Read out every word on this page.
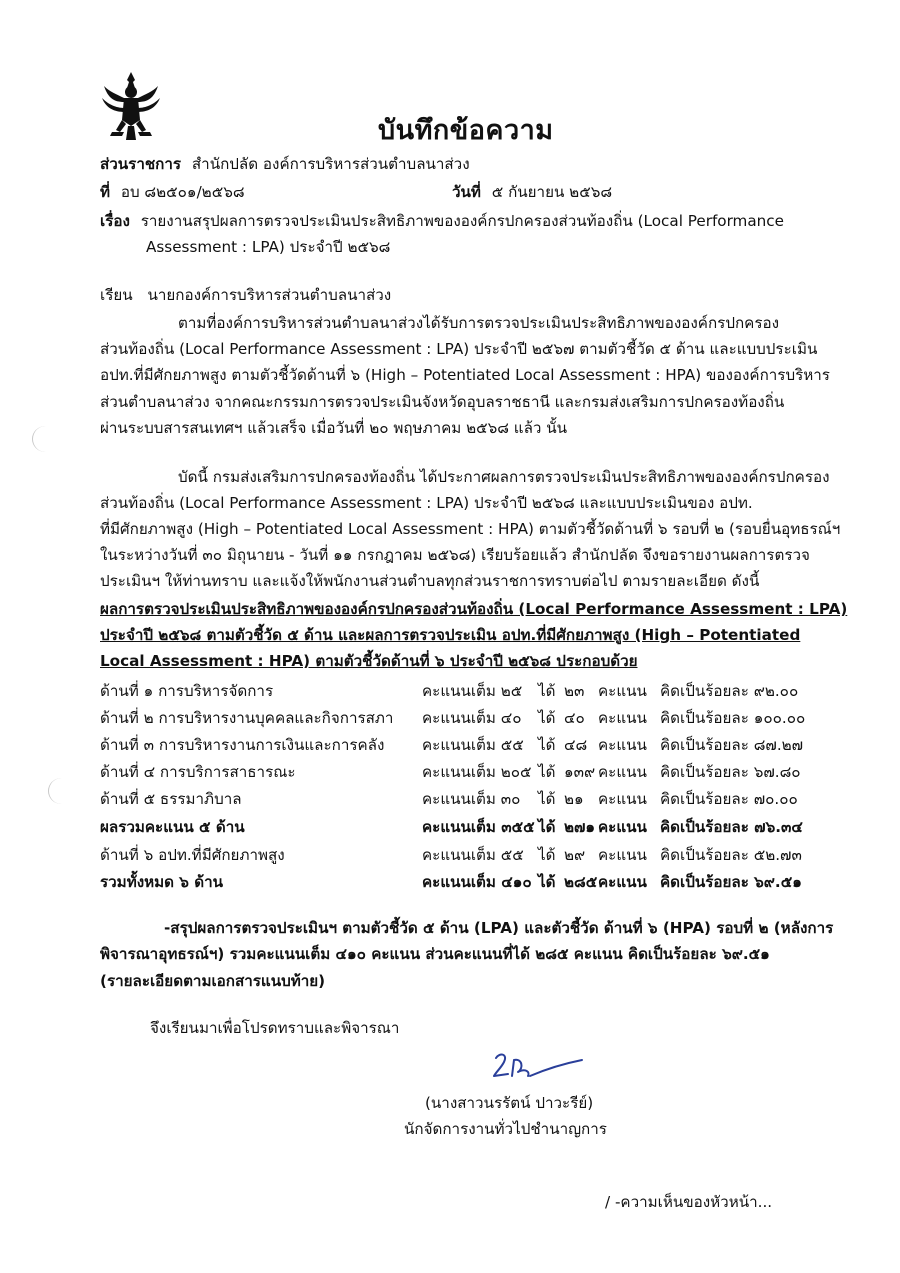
บันทึกข้อความ
ส่วนราชการ สำนักปลัด องค์การบริหารส่วนตำบลนาส่วง
ที่ อบ ๘๒๕๐๑/๒๕๖๘	วันที่ ๕ กันยายน ๒๕๖๘
เรื่อง รายงานสรุปผลการตรวจประเมินประสิทธิภาพขององค์กรปกครองส่วนท้องถิ่น (Local Performance
Assessment : LPA) ประจำปี ๒๕๖๘
เรียน นายกองค์การบริหารส่วนตำบลนาส่วง
ตามที่องค์การบริหารส่วนตำบลนาส่วงได้รับการตรวจประเมินประสิทธิภาพขององค์กรปกครอง
ส่วนท้องถิ่น (Local Performance Assessment : LPA) ประจำปี ๒๕๖๗ ตามตัวชี้วัด ๕ ด้าน และแบบประเมิน
อปท.ที่มีศักยภาพสูง ตามตัวชี้วัดด้านที่ ๖ (High – Potentiated Local Assessment : HPA) ขององค์การบริหาร
ส่วนตำบลนาส่วง จากคณะกรรมการตรวจประเมินจังหวัดอุบลราชธานี และกรมส่งเสริมการปกครองท้องถิ่น
ผ่านระบบสารสนเทศฯ แล้วเสร็จ เมื่อวันที่ ๒๐ พฤษภาคม ๒๕๖๘ แล้ว นั้น
บัดนี้ กรมส่งเสริมการปกครองท้องถิ่น ได้ประกาศผลการตรวจประเมินประสิทธิภาพขององค์กรปกครอง
ส่วนท้องถิ่น (Local Performance Assessment : LPA) ประจำปี ๒๕๖๘ และแบบประเมินของ อปท.
ที่มีศักยภาพสูง (High – Potentiated Local Assessment : HPA) ตามตัวชี้วัดด้านที่ ๖ รอบที่ ๒ (รอบยื่นอุทธรณ์ฯ
ในระหว่างวันที่ ๓๐ มิถุนายน - วันที่ ๑๑ กรกฎาคม ๒๕๖๘) เรียบร้อยแล้ว สำนักปลัด จึงขอรายงานผลการตรวจ
ประเมินฯ ให้ท่านทราบ และแจ้งให้พนักงานส่วนตำบลทุกส่วนราชการทราบต่อไป ตามรายละเอียด ดังนี้
ผลการตรวจประเมินประสิทธิภาพขององค์กรปกครองส่วนท้องถิ่น (Local Performance Assessment : LPA)
ประจำปี ๒๕๖๘ ตามตัวชี้วัด ๕ ด้าน และผลการตรวจประเมิน อปท.ที่มีศักยภาพสูง (High – Potentiated
Local Assessment : HPA) ตามตัวชี้วัดด้านที่ ๖ ประจำปี ๒๕๖๘ ประกอบด้วย
ด้านที่ ๑ การบริหารจัดการ	คะแนนเต็ม ๒๕ ได้ ๒๓ คะแนน คิดเป็นร้อยละ ๙๒.๐๐
ด้านที่ ๒ การบริหารงานบุคคลและกิจการสภา คะแนนเต็ม ๔๐ ได้ ๔๐ คะแนน คิดเป็นร้อยละ ๑๐๐.๐๐
ด้านที่ ๓ การบริหารงานการเงินและการคลัง คะแนนเต็ม ๕๕ ได้ ๔๘ คะแนน คิดเป็นร้อยละ ๘๗.๒๗
ด้านที่ ๔ การบริการสาธารณะ	คะแนนเต็ม ๒๐๕ ได้ ๑๓๙ คะแนน คิดเป็นร้อยละ ๖๗.๘๐
ด้านที่ ๕ ธรรมาภิบาล	คะแนนเต็ม ๓๐ ได้ ๒๑ คะแนน คิดเป็นร้อยละ ๗๐.๐๐
ผลรวมคะแนน ๕ ด้าน	คะแนนเต็ม ๓๕๕ ได้ ๒๗๑ คะแนน คิดเป็นร้อยละ ๗๖.๓๔
ด้านที่ ๖ อปท.ที่มีศักยภาพสูง	คะแนนเต็ม ๕๕ ได้ ๒๙ คะแนน คิดเป็นร้อยละ ๕๒.๗๓
รวมทั้งหมด ๖ ด้าน	คะแนนเต็ม ๔๑๐ ได้ ๒๘๕ คะแนน คิดเป็นร้อยละ ๖๙.๕๑
-สรุปผลการตรวจประเมินฯ ตามตัวชี้วัด ๕ ด้าน (LPA) และตัวชี้วัด ด้านที่ ๖ (HPA) รอบที่ ๒ (หลังการ
พิจารณาอุทธรณ์ฯ) รวมคะแนนเต็ม ๔๑๐ คะแนน ส่วนคะแนนที่ได้ ๒๘๕ คะแนน คิดเป็นร้อยละ ๖๙.๕๑
(รายละเอียดตามเอกสารแนบท้าย)
จึงเรียนมาเพื่อโปรดทราบและพิจารณา
(นางสาวนรรัตน์ ปาวะรีย์)
นักจัดการงานทั่วไปชำนาญการ
/ -ความเห็นของหัวหน้า...
